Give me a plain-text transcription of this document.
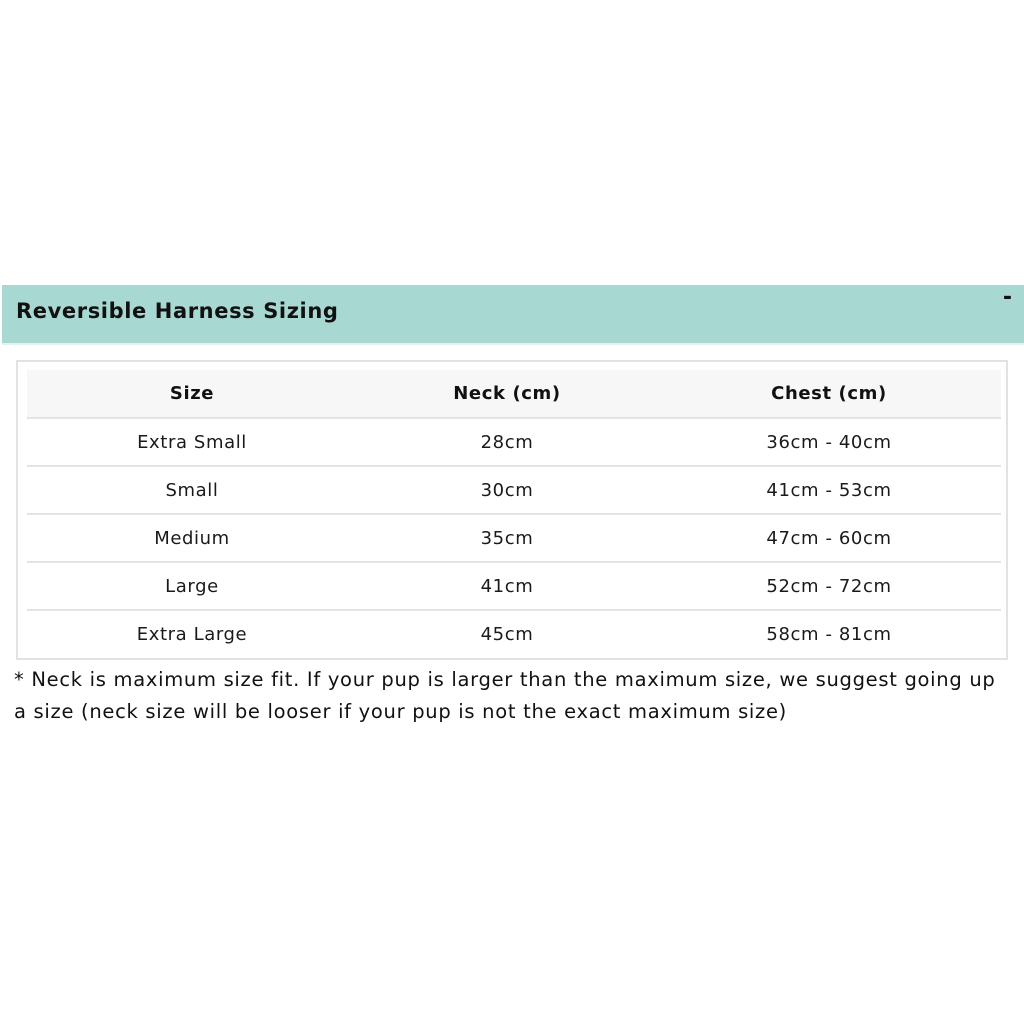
Reversible Harness Sizing
-
Size	Neck (cm)	Chest (cm)
Extra Small	28cm	36cm - 40cm
Small	30cm	41cm - 53cm
Medium	35cm	47cm - 60cm
Large	41cm	52cm - 72cm
Extra Large	45cm	58cm - 81cm
* Neck is maximum size fit. If your pup is larger than the maximum size, we suggest going up a size (neck size will be looser if your pup is not the exact maximum size)
